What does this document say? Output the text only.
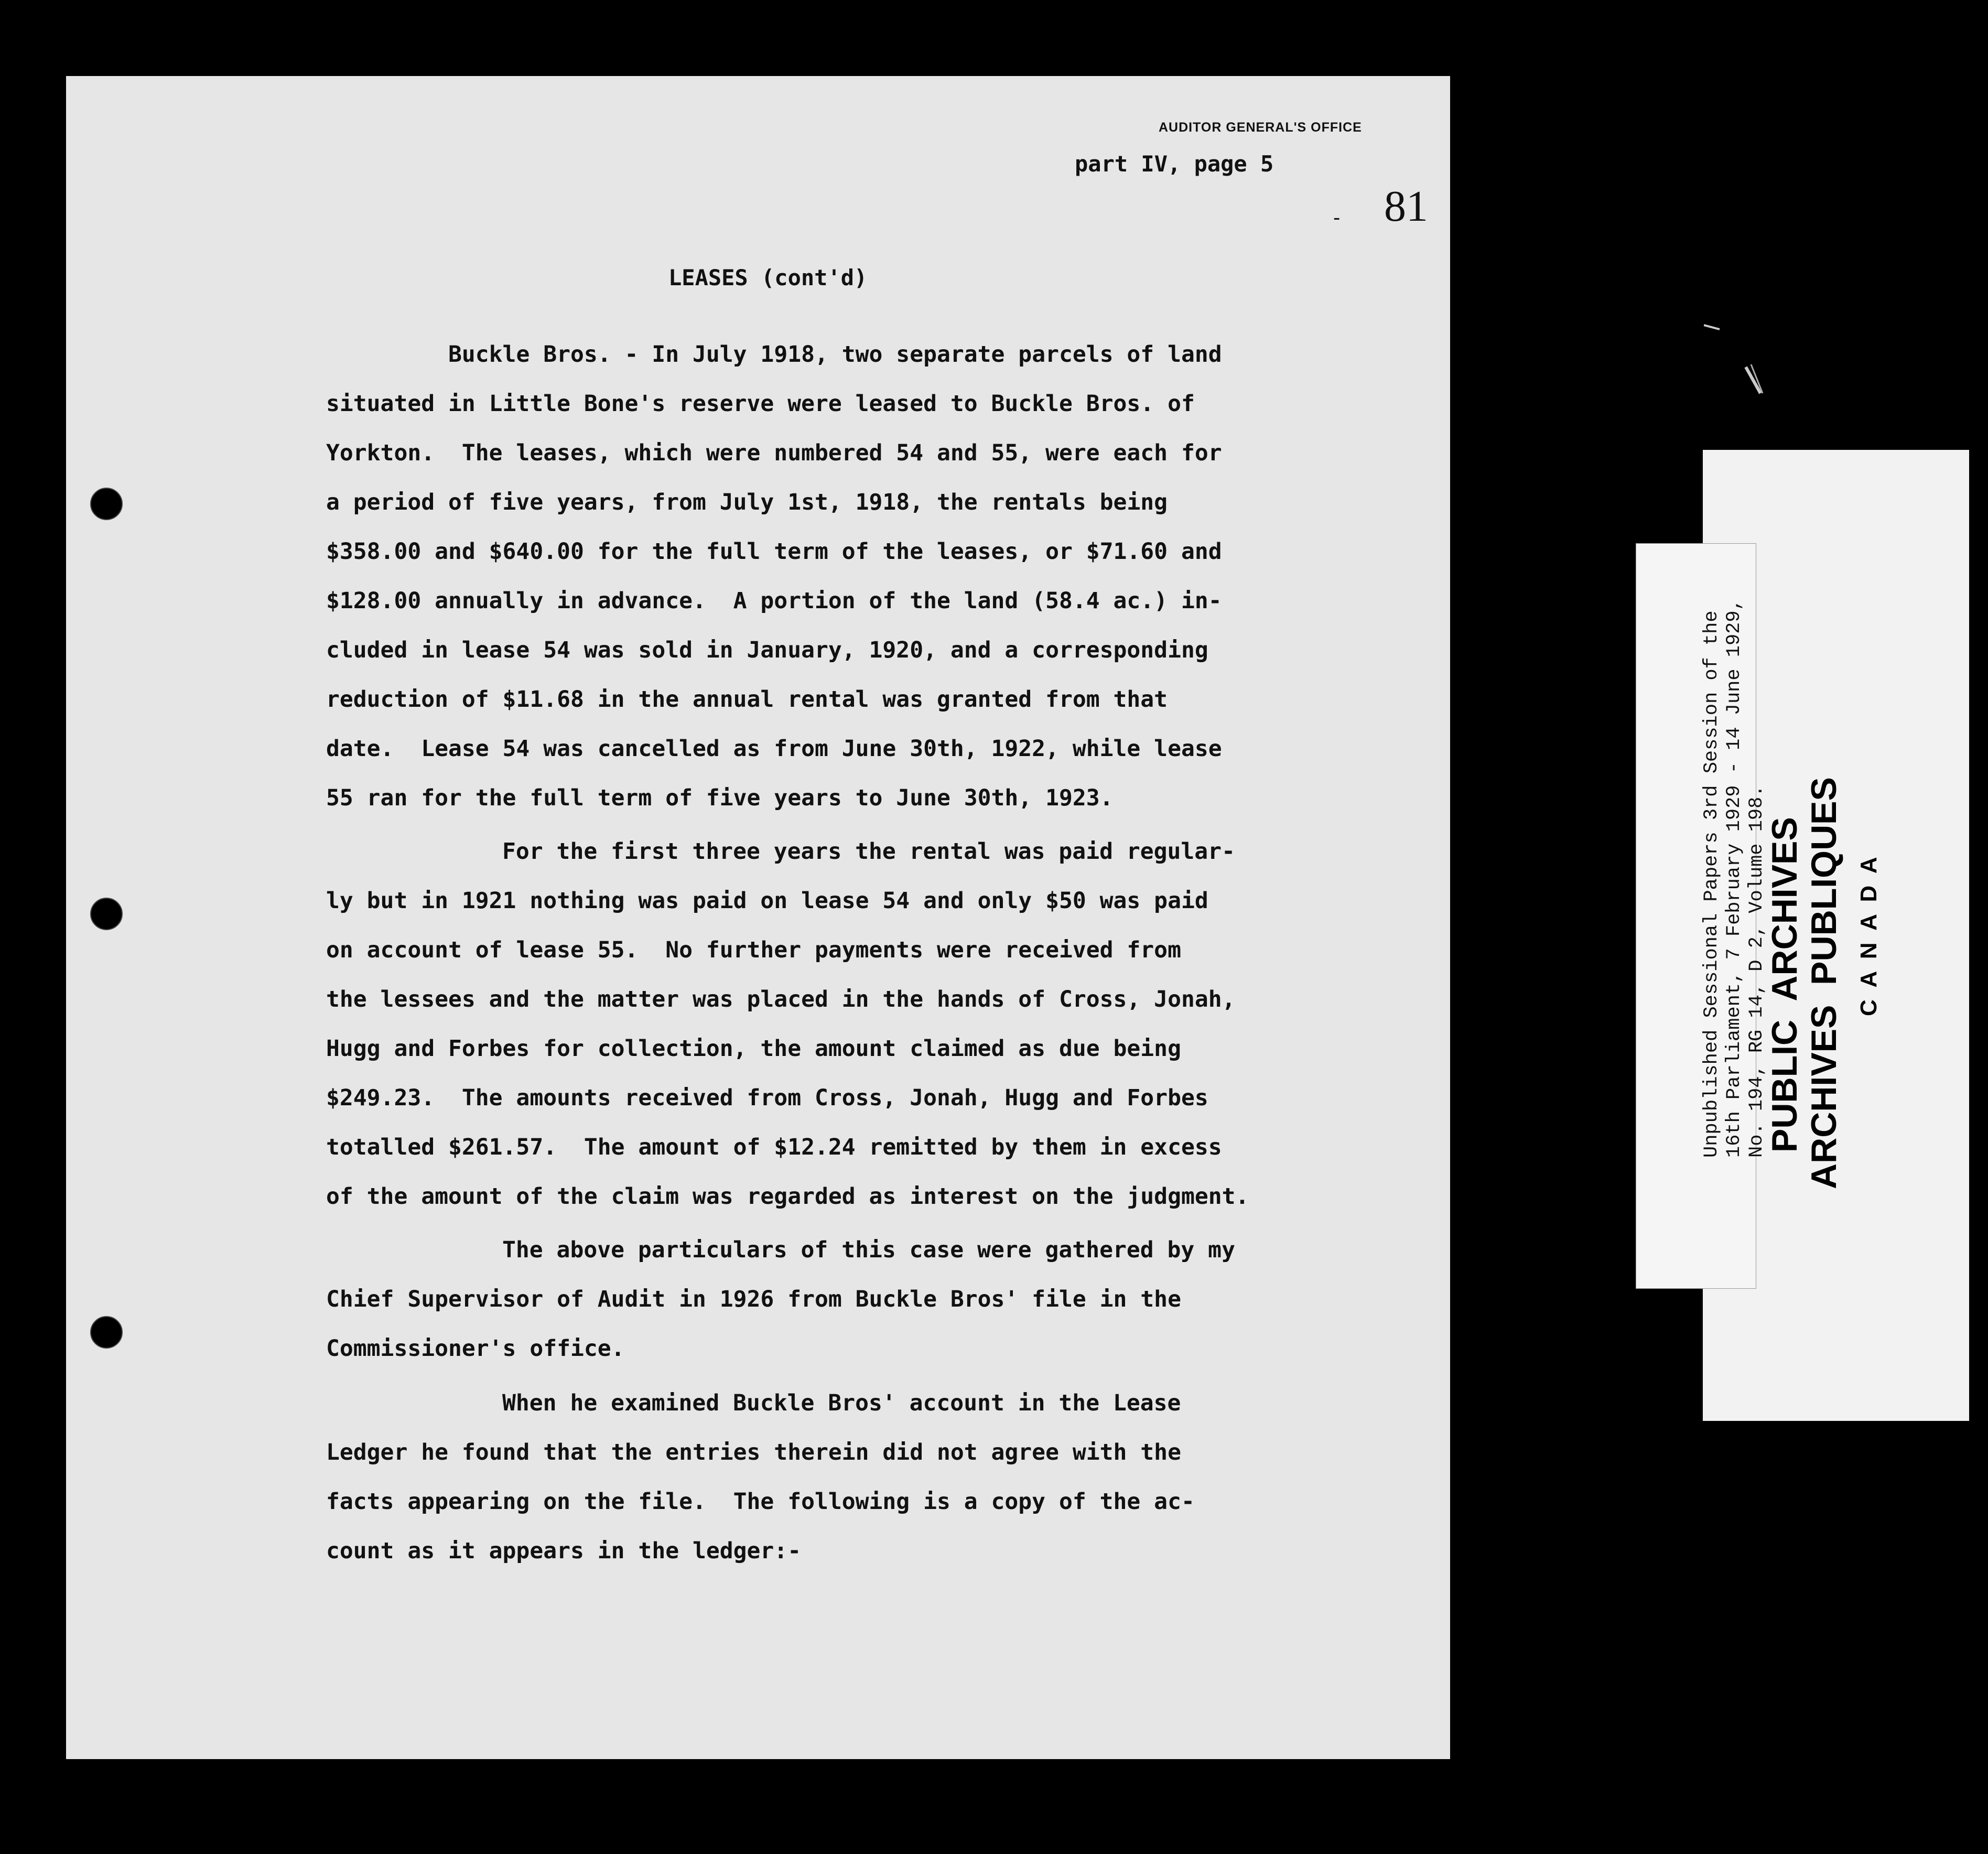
AUDITOR GENERAL'S OFFICE
part IV, page 5
- 81
LEASES (cont'd)
Buckle Bros. - In July 1918, two separate parcels of land
situated in Little Bone's reserve were leased to Buckle Bros. of
Yorkton.  The leases, which were numbered 54 and 55, were each for
a period of five years, from July 1st, 1918, the rentals being
$358.00 and $640.00 for the full term of the leases, or $71.60 and
$128.00 annually in advance.  A portion of the land (58.4 ac.) in-
cluded in lease 54 was sold in January, 1920, and a corresponding
reduction of $11.68 in the annual rental was granted from that
date.  Lease 54 was cancelled as from June 30th, 1922, while lease
55 ran for the full term of five years to June 30th, 1923.
For the first three years the rental was paid regular-
ly but in 1921 nothing was paid on lease 54 and only $50 was paid
on account of lease 55.  No further payments were received from
the lessees and the matter was placed in the hands of Cross, Jonah,
Hugg and Forbes for collection, the amount claimed as due being
$249.23.  The amounts received from Cross, Jonah, Hugg and Forbes
totalled $261.57.  The amount of $12.24 remitted by them in excess
of the amount of the claim was regarded as interest on the judgment.
The above particulars of this case were gathered by my
Chief Supervisor of Audit in 1926 from Buckle Bros' file in the
Commissioner's office.
When he examined Buckle Bros' account in the Lease
Ledger he found that the entries therein did not agree with the
facts appearing on the file.  The following is a copy of the ac-
count as it appears in the ledger:-
Unpublished Sessional Papers 3rd Session of the 16th Parliament, 7 February 1929 - 14 June 1929, No. 194, RG 14, D 2, Volume 198.
PUBLIC  ARCHIVES ARCHIVES  PUBLIQUES C A N A D A
